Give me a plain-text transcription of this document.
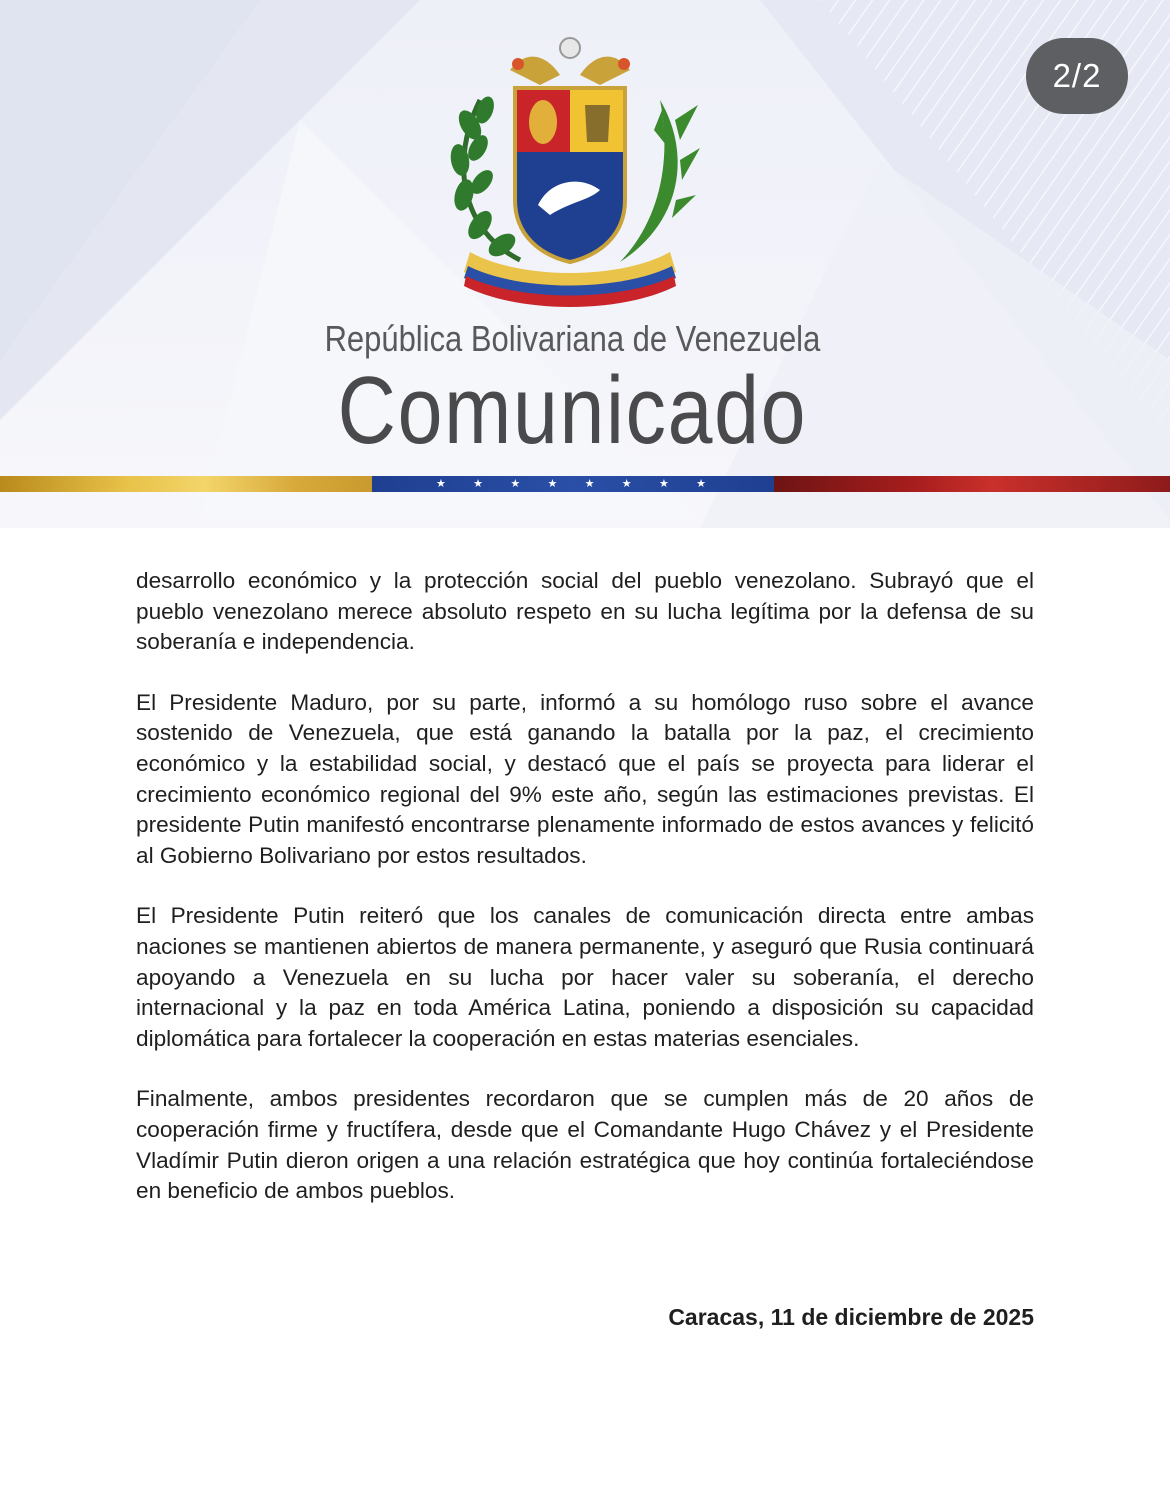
2/2
República Bolivariana de Venezuela
Comunicado
★ ★ ★ ★ ★ ★ ★ ★

desarrollo económico y la protección social del pueblo venezolano. Subrayó que el pueblo venezolano merece absoluto respeto en su lucha legítima por la defensa de su soberanía e independencia.

El Presidente Maduro, por su parte, informó a su homólogo ruso sobre el avance sostenido de Venezuela, que está ganando la batalla por la paz, el crecimiento económico y la estabilidad social, y destacó que el país se proyecta para liderar el crecimiento económico regional del 9% este año, según las estimaciones previstas. El presidente Putin manifestó encontrarse plenamente informado de estos avances y felicitó al Gobierno Bolivariano por estos resultados.

El Presidente Putin reiteró que los canales de comunicación directa entre ambas naciones se mantienen abiertos de manera permanente, y aseguró que Rusia continuará apoyando a Venezuela en su lucha por hacer valer su soberanía, el derecho internacional y la paz en toda América Latina, poniendo a disposición su capacidad diplomática para fortalecer la cooperación en estas materias esenciales.

Finalmente, ambos presidentes recordaron que se cumplen más de 20 años de cooperación firme y fructífera, desde que el Comandante Hugo Chávez y el Presidente Vladímir Putin dieron origen a una relación estratégica que hoy continúa fortaleciéndose en beneficio de ambos pueblos.

Caracas, 11 de diciembre de 2025
